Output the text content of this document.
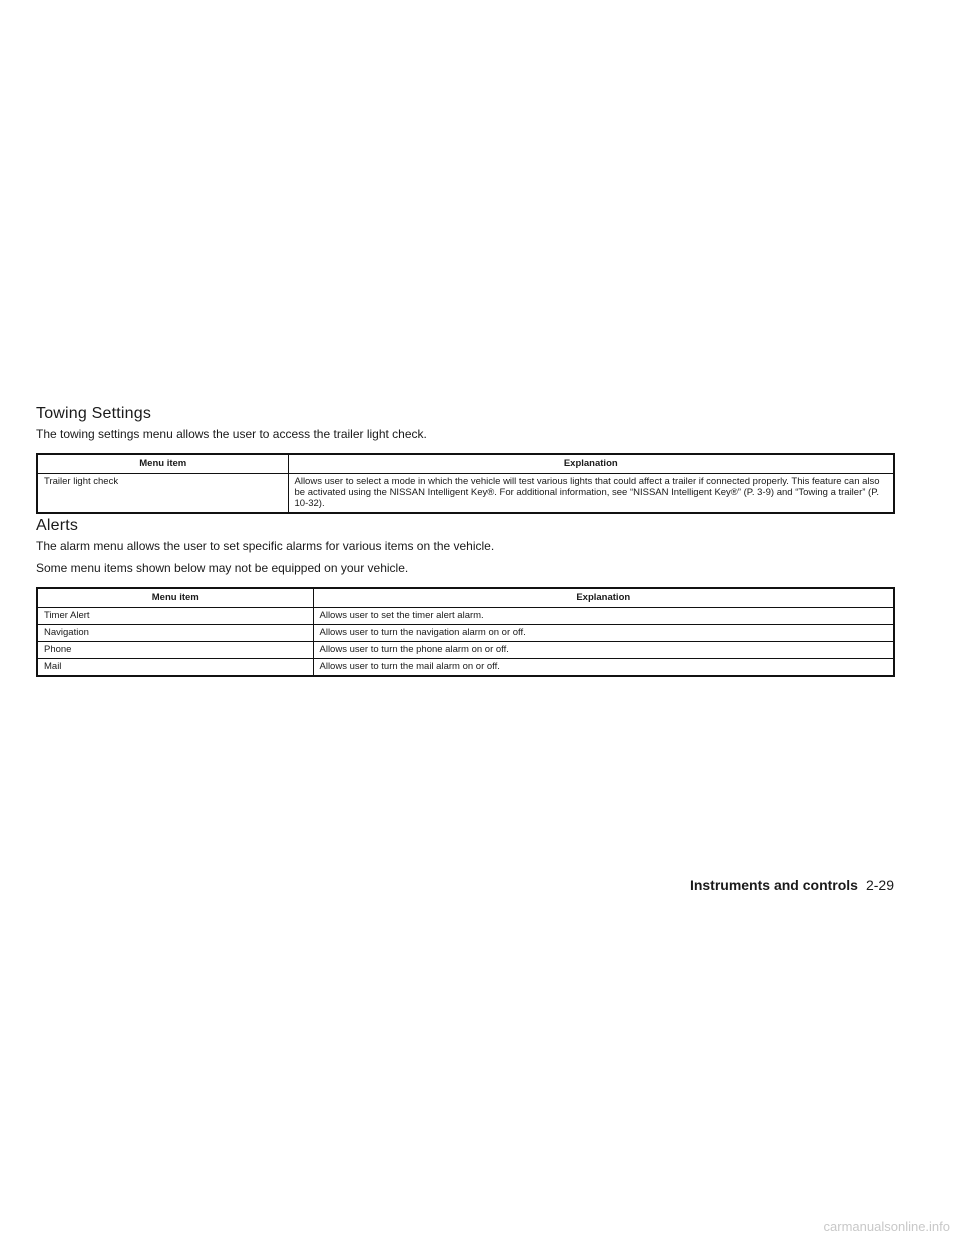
Towing Settings

The towing settings menu allows the user to access the trailer light check.

Menu item	Explanation
Trailer light check	Allows user to select a mode in which the vehicle will test various lights that could affect a trailer if connected properly. This feature can also be activated using the NISSAN Intelligent Key®. For additional information, see “NISSAN Intelligent Key®” (P. 3-9) and “Towing a trailer” (P. 10-32).
Alerts

The alarm menu allows the user to set specific alarms for various items on the vehicle.

Some menu items shown below may not be equipped on your vehicle.

Menu item	Explanation
Timer Alert	Allows user to set the timer alert alarm.
Navigation	Allows user to turn the navigation alarm on or off.
Phone	Allows user to turn the phone alarm on or off.
Mail	Allows user to turn the mail alarm on or off.
Instruments and controls 2-29
carmanualsonline.info
